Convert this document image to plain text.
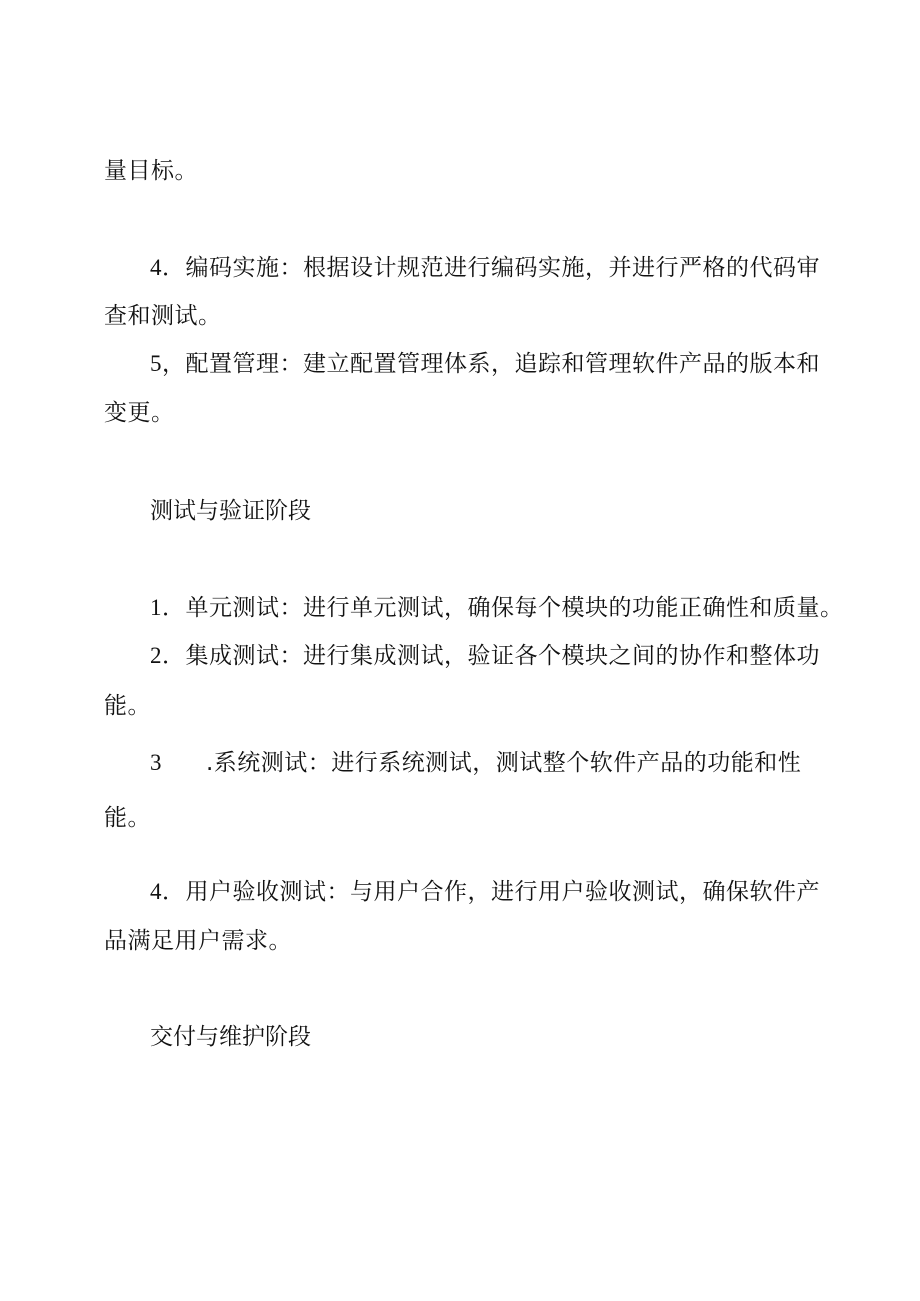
量目标。
4．编码实施：根据设计规范进行编码实施，并进行严格的代码审
查和测试。
5，配置管理：建立配置管理体系，追踪和管理软件产品的版本和
变更。
测试与验证阶段
1．单元测试：进行单元测试，确保每个模块的功能正确性和质量。
2．集成测试：进行集成测试，验证各个模块之间的协作和整体功
能。
3 .系统测试：进行系统测试，测试整个软件产品的功能和性
能。
4．用户验收测试：与用户合作，进行用户验收测试，确保软件产
品满足用户需求。
交付与维护阶段
